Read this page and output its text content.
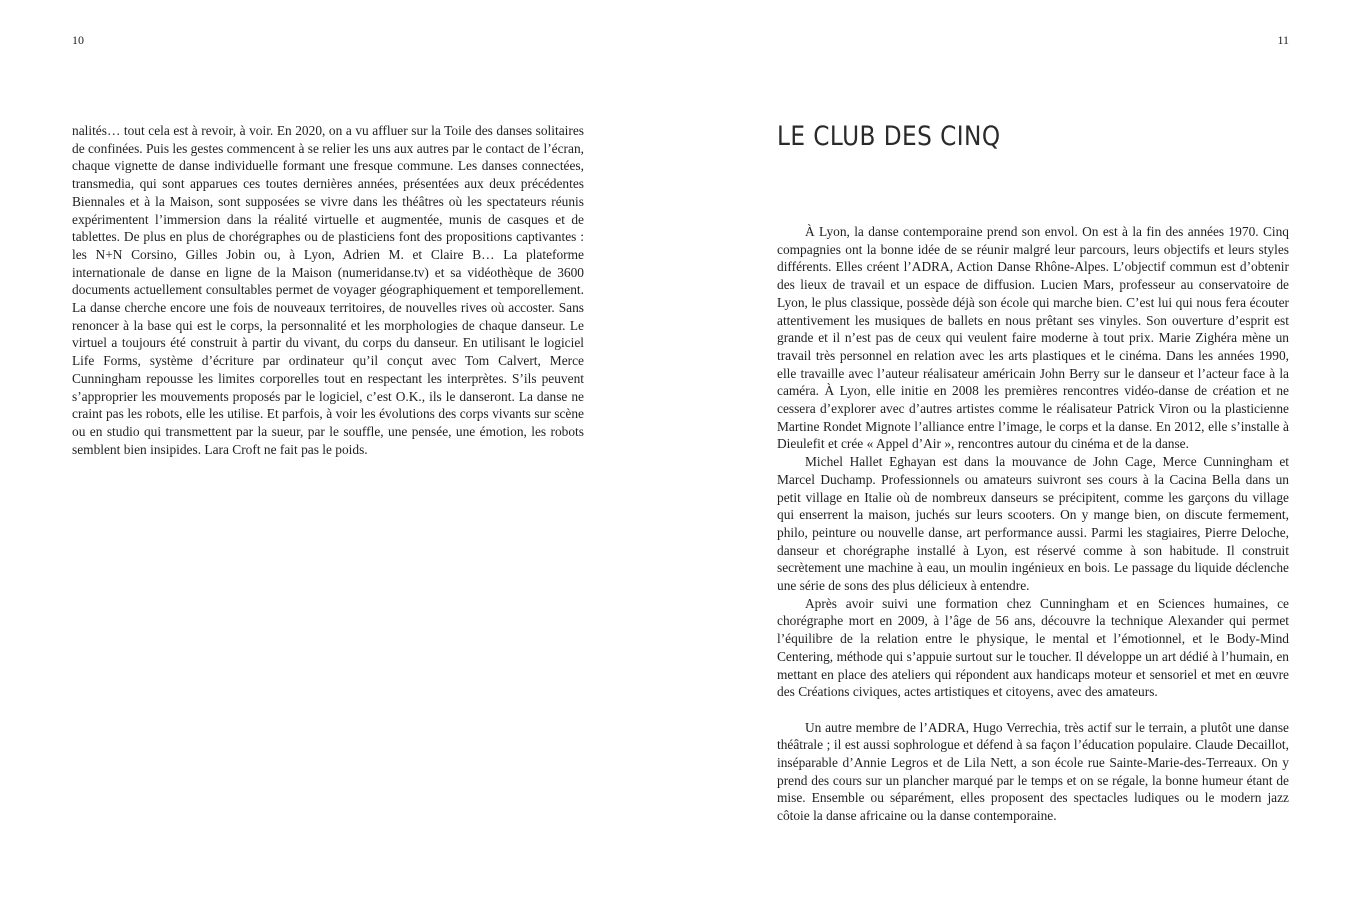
10

nalités… tout cela est à revoir, à voir. En 2020, on a vu affluer sur la Toile des danses solitaires de confinées. Puis les gestes commencent à se relier les uns aux autres par le contact de l’écran, chaque vignette de danse individuelle formant une fresque commune. Les danses connectées, transmedia, qui sont apparues ces toutes dernières années, présentées aux deux précédentes Biennales et à la Maison, sont supposées se vivre dans les théâtres où les spectateurs réunis expérimentent l’immersion dans la réalité virtuelle et augmentée, munis de casques et de tablettes. De plus en plus de chorégraphes ou de plasticiens font des propositions captivantes : les N+N Corsino, Gilles Jobin ou, à Lyon, Adrien M. et Claire B… La plateforme internationale de danse en ligne de la Maison (numeridanse.tv) et sa vidéothèque de 3600 documents actuellement consultables permet de voyager géographiquement et temporellement. La danse cherche encore une fois de nouveaux territoires, de nouvelles rives où accoster. Sans renoncer à la base qui est le corps, la personnalité et les morphologies de chaque danseur. Le virtuel a toujours été construit à partir du vivant, du corps du danseur. En utilisant le logiciel Life Forms, système d’écriture par ordinateur qu’il conçut avec Tom Calvert, Merce Cunningham repousse les limites corporelles tout en respectant les interprètes. S’ils peuvent s’approprier les mouvements proposés par le logiciel, c’est O.K., ils le danseront. La danse ne craint pas les robots, elle les utilise. Et parfois, à voir les évolutions des corps vivants sur scène ou en studio qui transmettent par la sueur, par le souffle, une pensée, une émotion, les robots semblent bien insipides. Lara Croft ne fait pas le poids.

11
LE CLUB DES CINQ

À Lyon, la danse contemporaine prend son envol. On est à la fin des années 1970. Cinq compagnies ont la bonne idée de se réunir malgré leur parcours, leurs objectifs et leurs styles différents. Elles créent l’ADRA, Action Danse Rhône-Alpes. L’objectif commun est d’obtenir des lieux de travail et un espace de diffusion. Lucien Mars, professeur au conservatoire de Lyon, le plus classique, possède déjà son école qui marche bien. C’est lui qui nous fera écouter attentivement les musiques de ballets en nous prêtant ses vinyles. Son ouverture d’esprit est grande et il n’est pas de ceux qui veulent faire moderne à tout prix. Marie Zighéra mène un travail très personnel en relation avec les arts plastiques et le cinéma. Dans les années 1990, elle travaille avec l’auteur réalisateur américain John Berry sur le danseur et l’acteur face à la caméra. À Lyon, elle initie en 2008 les premières rencontres vidéo-danse de création et ne cessera d’explorer avec d’autres artistes comme le réalisateur Patrick Viron ou la plasticienne Martine Rondet Mignote l’alliance entre l’image, le corps et la danse. En 2012, elle s’installe à Dieulefit et crée « Appel d’Air », rencontres autour du cinéma et de la danse.

Michel Hallet Eghayan est dans la mouvance de John Cage, Merce Cunningham et Marcel Duchamp. Professionnels ou amateurs suivront ses cours à la Cacina Bella dans un petit village en Italie où de nombreux danseurs se précipitent, comme les garçons du village qui enserrent la maison, juchés sur leurs scooters. On y mange bien, on discute fermement, philo, peinture ou nouvelle danse, art performance aussi. Parmi les stagiaires, Pierre Deloche, danseur et chorégraphe installé à Lyon, est réservé comme à son habitude. Il construit secrètement une machine à eau, un moulin ingénieux en bois. Le passage du liquide déclenche une série de sons des plus délicieux à entendre.

Après avoir suivi une formation chez Cunningham et en Sciences humaines, ce chorégraphe mort en 2009, à l’âge de 56 ans, découvre la technique Alexander qui permet l’équilibre de la relation entre le physique, le mental et l’émotionnel, et le Body-Mind Centering, méthode qui s’appuie surtout sur le toucher. Il développe un art dédié à l’humain, en mettant en place des ateliers qui répondent aux handicaps moteur et sensoriel et met en œuvre des Créations civiques, actes artistiques et citoyens, avec des amateurs.

Un autre membre de l’ADRA, Hugo Verrechia, très actif sur le terrain, a plutôt une danse théâtrale ; il est aussi sophrologue et défend à sa façon l’éducation populaire. Claude Decaillot, inséparable d’Annie Legros et de Lila Nett, a son école rue Sainte-Marie-des-Terreaux. On y prend des cours sur un plancher marqué par le temps et on se régale, la bonne humeur étant de mise. Ensemble ou séparément, elles proposent des spectacles ludiques ou le modern jazz côtoie la danse africaine ou la danse contemporaine.
